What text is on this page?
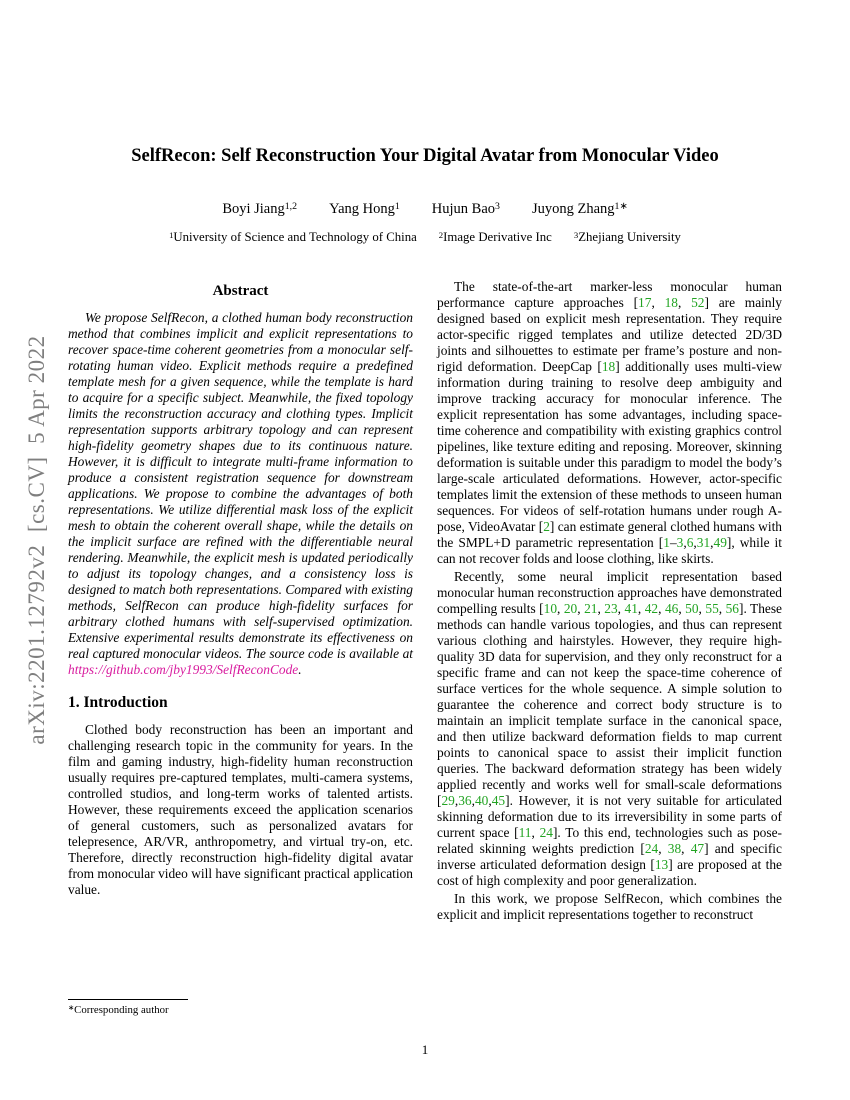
arXiv:2201.12792v2  [cs.CV]  5 Apr 2022
SelfRecon: Self Reconstruction Your Digital Avatar from Monocular Video
Boyi Jiang$^{1,2}$ Yang Hong$^1$ Hujun Bao$^3$ Juyong Zhang$^{1∗}$
$^1$University of Science and Technology of China	$^2$Image Derivative Inc	$^3$Zhejiang University
Abstract

We propose SelfRecon, a clothed human body reconstruction method that combines implicit and explicit representations to recover space-time coherent geometries from a monocular self-rotating human video. Explicit methods require a predefined template mesh for a given sequence, while the template is hard to acquire for a specific subject. Meanwhile, the fixed topology limits the reconstruction accuracy and clothing types. Implicit representation supports arbitrary topology and can represent high-fidelity geometry shapes due to its continuous nature. However, it is difficult to integrate multi-frame information to produce a consistent registration sequence for downstream applications. We propose to combine the advantages of both representations. We utilize differential mask loss of the explicit mesh to obtain the coherent overall shape, while the details on the implicit surface are refined with the differentiable neural rendering. Meanwhile, the explicit mesh is updated periodically to adjust its topology changes, and a consistency loss is designed to match both representations. Compared with existing methods, SelfRecon can produce high-fidelity surfaces for arbitrary clothed humans with self-supervised optimization. Extensive experimental results demonstrate its effectiveness on real captured monocular videos. The source code is available at https://github.com/jby1993/SelfReconCode.

1. Introduction

Clothed body reconstruction has been an important and challenging research topic in the community for years. In the film and gaming industry, high-fidelity human reconstruction usually requires pre-captured templates, multi-camera systems, controlled studios, and long-term works of talented artists. However, these requirements exceed the application scenarios of general customers, such as personalized avatars for telepresence, AR/VR, anthropometry, and virtual try-on, etc. Therefore, directly reconstruction high-fidelity digital avatar from monocular video will have significant practical application value.

The state-of-the-art marker-less monocular human performance capture approaches [17, 18, 52] are mainly designed based on explicit mesh representation. They require actor-specific rigged templates and utilize detected 2D/3D joints and silhouettes to estimate per frame’s posture and non-rigid deformation. DeepCap [18] additionally uses multi-view information during training to resolve deep ambiguity and improve tracking accuracy for monocular inference. The explicit representation has some advantages, including space-time coherence and compatibility with existing graphics control pipelines, like texture editing and reposing. Moreover, skinning deformation is suitable under this paradigm to model the body’s large-scale articulated deformations. However, actor-specific templates limit the extension of these methods to unseen human sequences. For videos of self-rotation humans under rough A-pose, VideoAvatar [2] can estimate general clothed humans with the SMPL+D parametric representation [1–3,6,31,49], while it can not recover folds and loose clothing, like skirts.

Recently, some neural implicit representation based monocular human reconstruction approaches have demonstrated compelling results [10, 20, 21, 23, 41, 42, 46, 50, 55, 56]. These methods can handle various topologies, and thus can represent various clothing and hairstyles. However, they require high-quality 3D data for supervision, and they only reconstruct for a specific frame and can not keep the space-time coherence of surface vertices for the whole sequence. A simple solution to guarantee the coherence and correct body structure is to maintain an implicit template surface in the canonical space, and then utilize backward deformation fields to map current points to canonical space to assist their implicit function queries. The backward deformation strategy has been widely applied recently and works well for small-scale deformations [29,36,40,45]. However, it is not very suitable for articulated skinning deformation due to its irreversibility in some parts of current space [11, 24]. To this end, technologies such as pose-related skinning weights prediction [24, 38, 47] and specific inverse articulated deformation design [13] are proposed at the cost of high complexity and poor generalization.

In this work, we propose SelfRecon, which combines the explicit and implicit representations together to reconstruct

∗Corresponding author
1
